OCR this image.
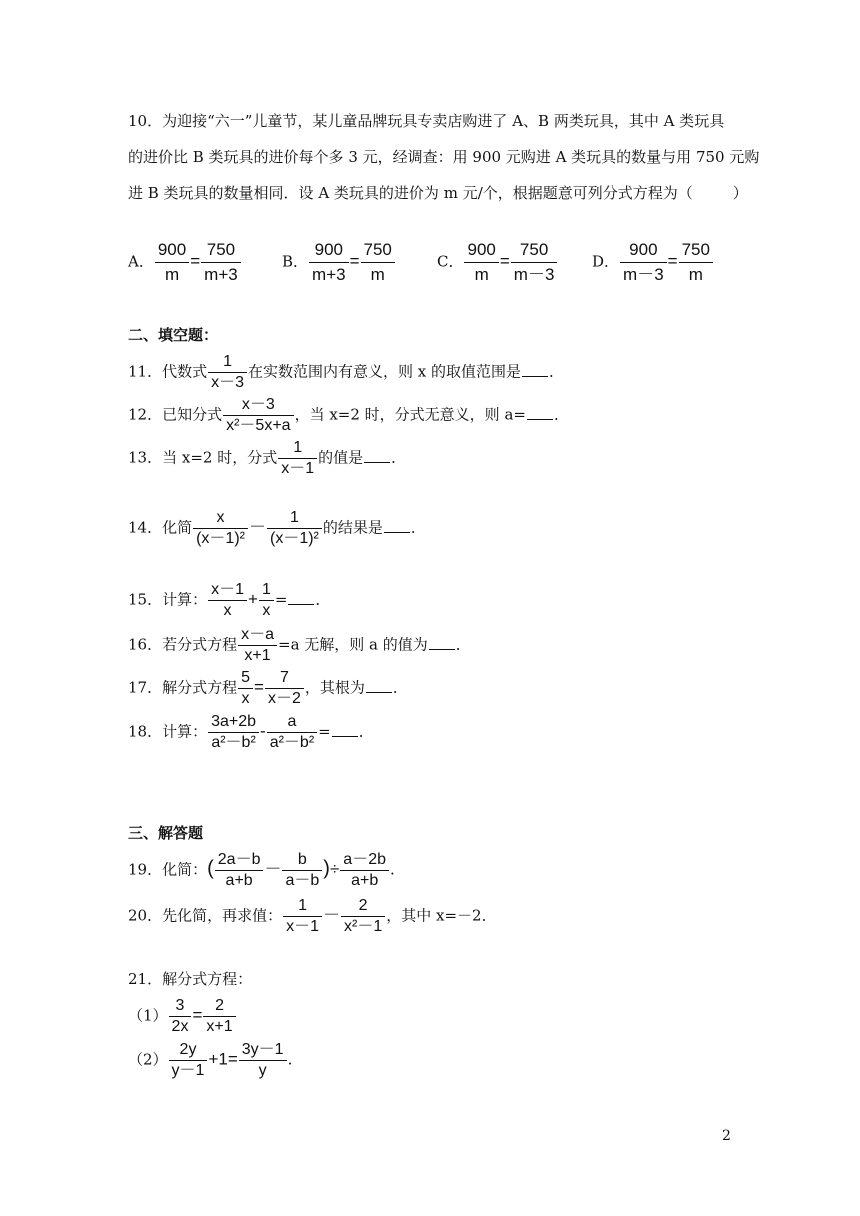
10．为迎接“六一”儿童节，某儿童品牌玩具专卖店购进了 A、B 两类玩具，其中 A 类玩具
的进价比 B 类玩具的进价每个多 3 元，经调查：用 900 元购进 A 类玩具的数量与用 750 元购
进 B 类玩具的数量相同．设 A 类玩具的进价为 m 元/个，根据题意可列分式方程为（	）
A． $\frac{900}{m} = \frac{750}{m+3}$	B． $\frac{900}{m+3} = \frac{750}{m}$	C． $\frac{900}{m} = \frac{750}{m-3}$ D． $\frac{900}{m-3} = \frac{750}{m}$
二、填空题：
11．代数式 $\frac{1}{x-3}$ 在实数范围内有意义，则 x 的取值范围是 ．
12．已知分式 $\frac{x-3}{\text{x²－5x+a}}$ ，当 x=2 时，分式无意义，则 a= ．
13．当 x=2 时，分式 $\frac{1}{x-1}$ 的值是 ．
14．化简 $\frac{x}{\text{(x－1)²}} - \frac{1}{\text{(x－1)²}}$ 的结果是 ．
15．计算： $\frac{x-1}{x} + \frac{1}{x}$ = ．
16．若分式方程 $\frac{x-a}{x+1} =a$ 无解，则 a 的值为 ．
17．解分式方程 $\frac{5}{x} = \frac{7}{x-2}$ ，其根为 ．
18．计算： $\frac{3a+2b}{\text{a²－b²}} - \frac{a}{\text{a²－b²}}$ = ．
三、解答题
19．化简：( $\frac{2a-b}{a+b} - \frac{b}{a-b}$ )÷ $\frac{a-2b}{a+b}$ .
20．先化简，再求值： $\frac{1}{x-1} - \frac{2}{\text{x²－1}}$ ，其中 x=－2．
21．解分式方程：
$(1) \frac{3}{2x} = \frac{2}{x+1}$
$(2) \frac{2y}{y-1} +1= \frac{3y-1}{y}$ .
2
